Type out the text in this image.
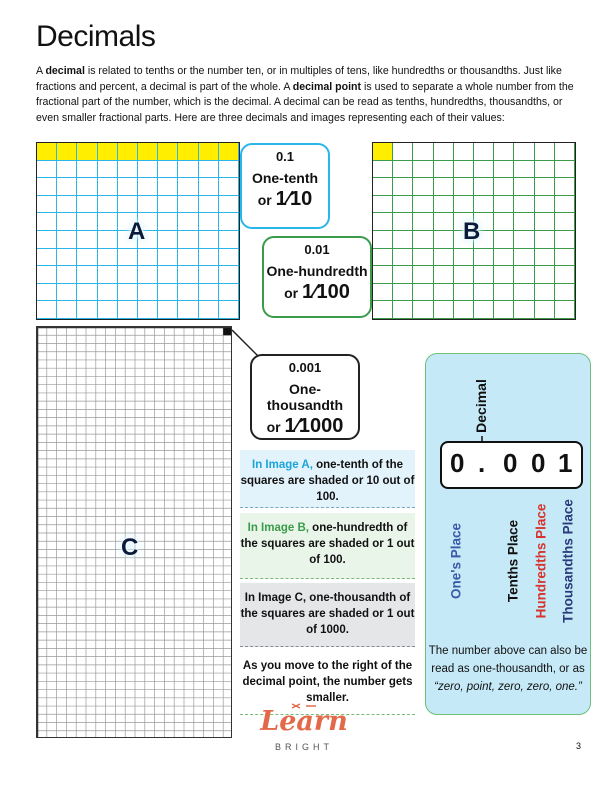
Decimals
A decimal is related to tenths or the number ten, or in multiples of tens, like hundredths or thousandths. Just like fractions and percent, a decimal is part of the whole. A decimal point is used to separate a whole number from the fractional part of the number, which is the decimal. A decimal can be read as tenths, hundredths, thousandths, or even smaller fractional parts. Here are three decimals and images representing each of their values:
A	B
C
0.1
One-tenth
or 1⁄10
0.01
One-hundredth
or 1⁄100
0.001
One-thousandth
or 1⁄1000
In Image A, one-tenth of the squares are shaded or 10 out of 100.
In Image B, one-hundredth of the squares are shaded or 1 out of 100.
In Image C, one-thousandth of the squares are shaded or 1 out of 1000.
As you move to the right of the decimal point, the number gets smaller.
Decimal
0 . 0 0 1
One's Place	Tenths Place Hundredths Place Thousandths Place
The number above can also be read as one-thousandth, or as
“zero, point, zero, zero, one.”
Learn
BRIGHT	3
